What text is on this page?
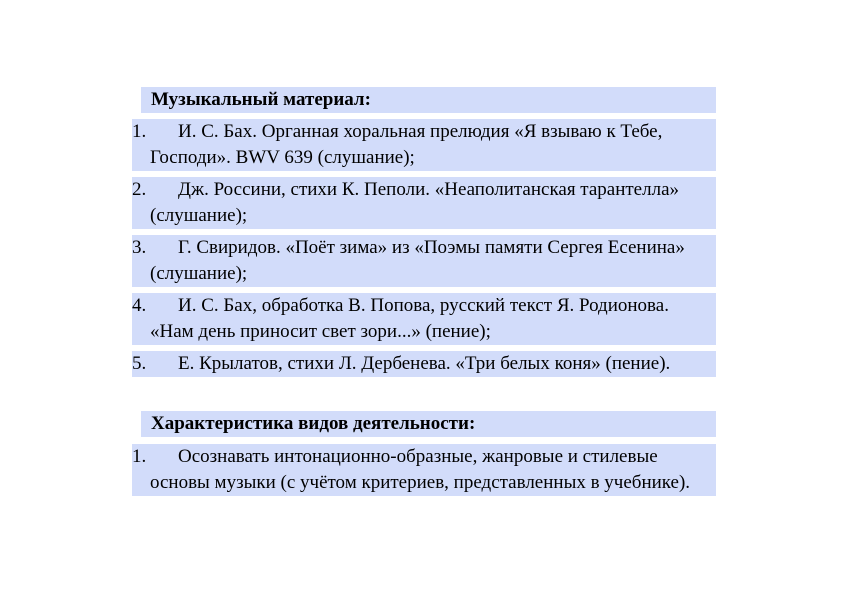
Музыкальный материал:
1.	И. С. Бах. Органная хоральная прелюдия «Я взываю к Тебе, Господи». BWV 639 (слушание);
2.	Дж. Россини, стихи К. Пеполи. «Неаполитанская тарантелла» (слушание);
3.	Г. Свиридов. «Поёт зима» из «Поэмы памяти Сергея Есенина» (слушание);
4.	И. С. Бах, обработка В. Попова, русский текст Я. Родионова. «Нам день приносит свет зори...» (пение);
5.	Е. Крылатов, стихи Л. Дербенева. «Три белых коня» (пение).
Характеристика видов деятельности:
1.	Осознавать интонационно-образные, жанровые и стилевые основы музыки (с учётом критериев, представленных в учебнике).
